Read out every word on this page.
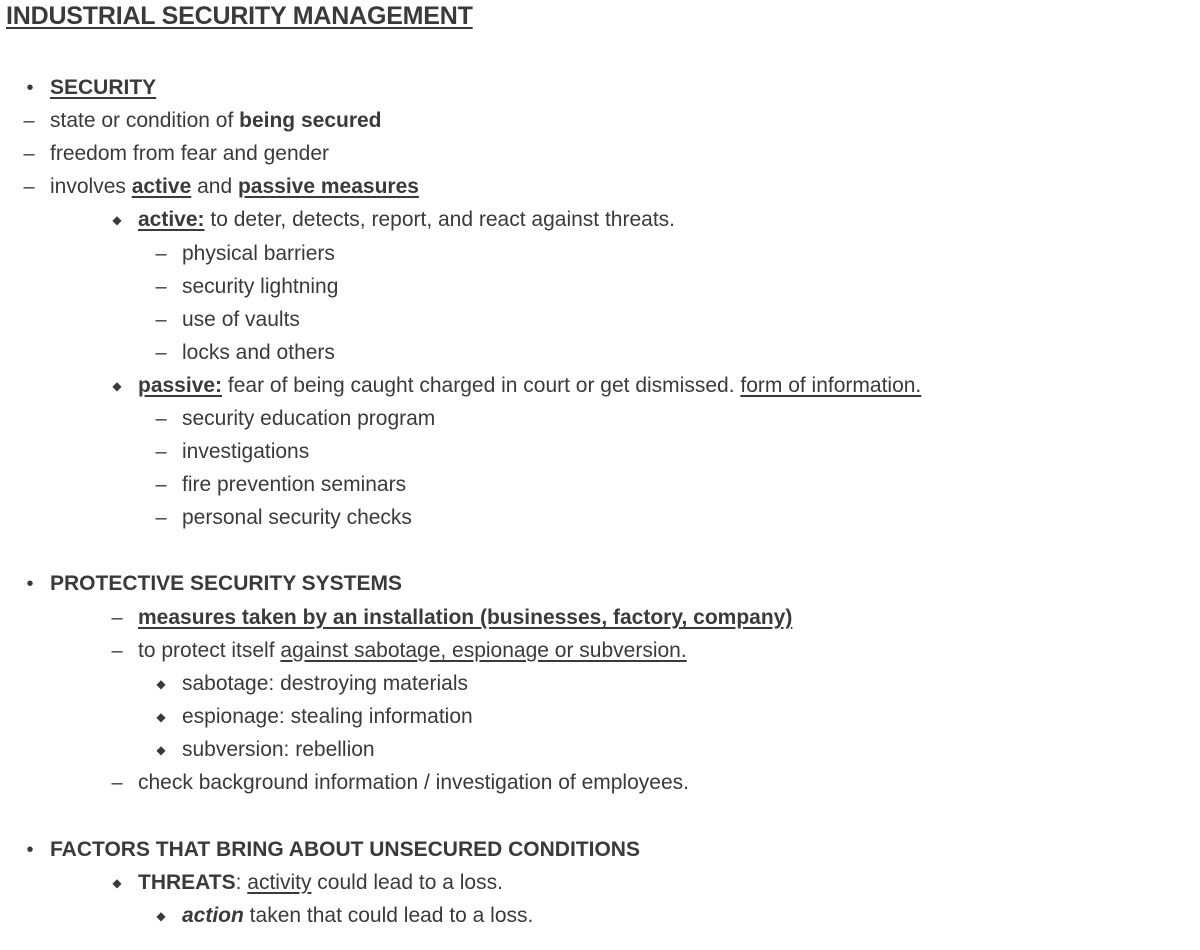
INDUSTRIAL SECURITY MANAGEMENT
• SECURITY
– state or condition of being secured
– freedom from fear and gender
– involves active and passive measures
◆ active: to deter, detects, report, and react against threats.
– physical barriers
– security lightning
– use of vaults
– locks and others
◆ passive: fear of being caught charged in court or get dismissed. form of information.
– security education program
– investigations
– fire prevention seminars
– personal security checks
• PROTECTIVE SECURITY SYSTEMS
– measures taken by an installation (businesses, factory, company)
– to protect itself against sabotage, espionage or subversion.
◆ sabotage: destroying materials
◆ espionage: stealing information
◆ subversion: rebellion
– check background information / investigation of employees.
• FACTORS THAT BRING ABOUT UNSECURED CONDITIONS
◆ THREATS: activity could lead to a loss.
◆ action taken that could lead to a loss.
